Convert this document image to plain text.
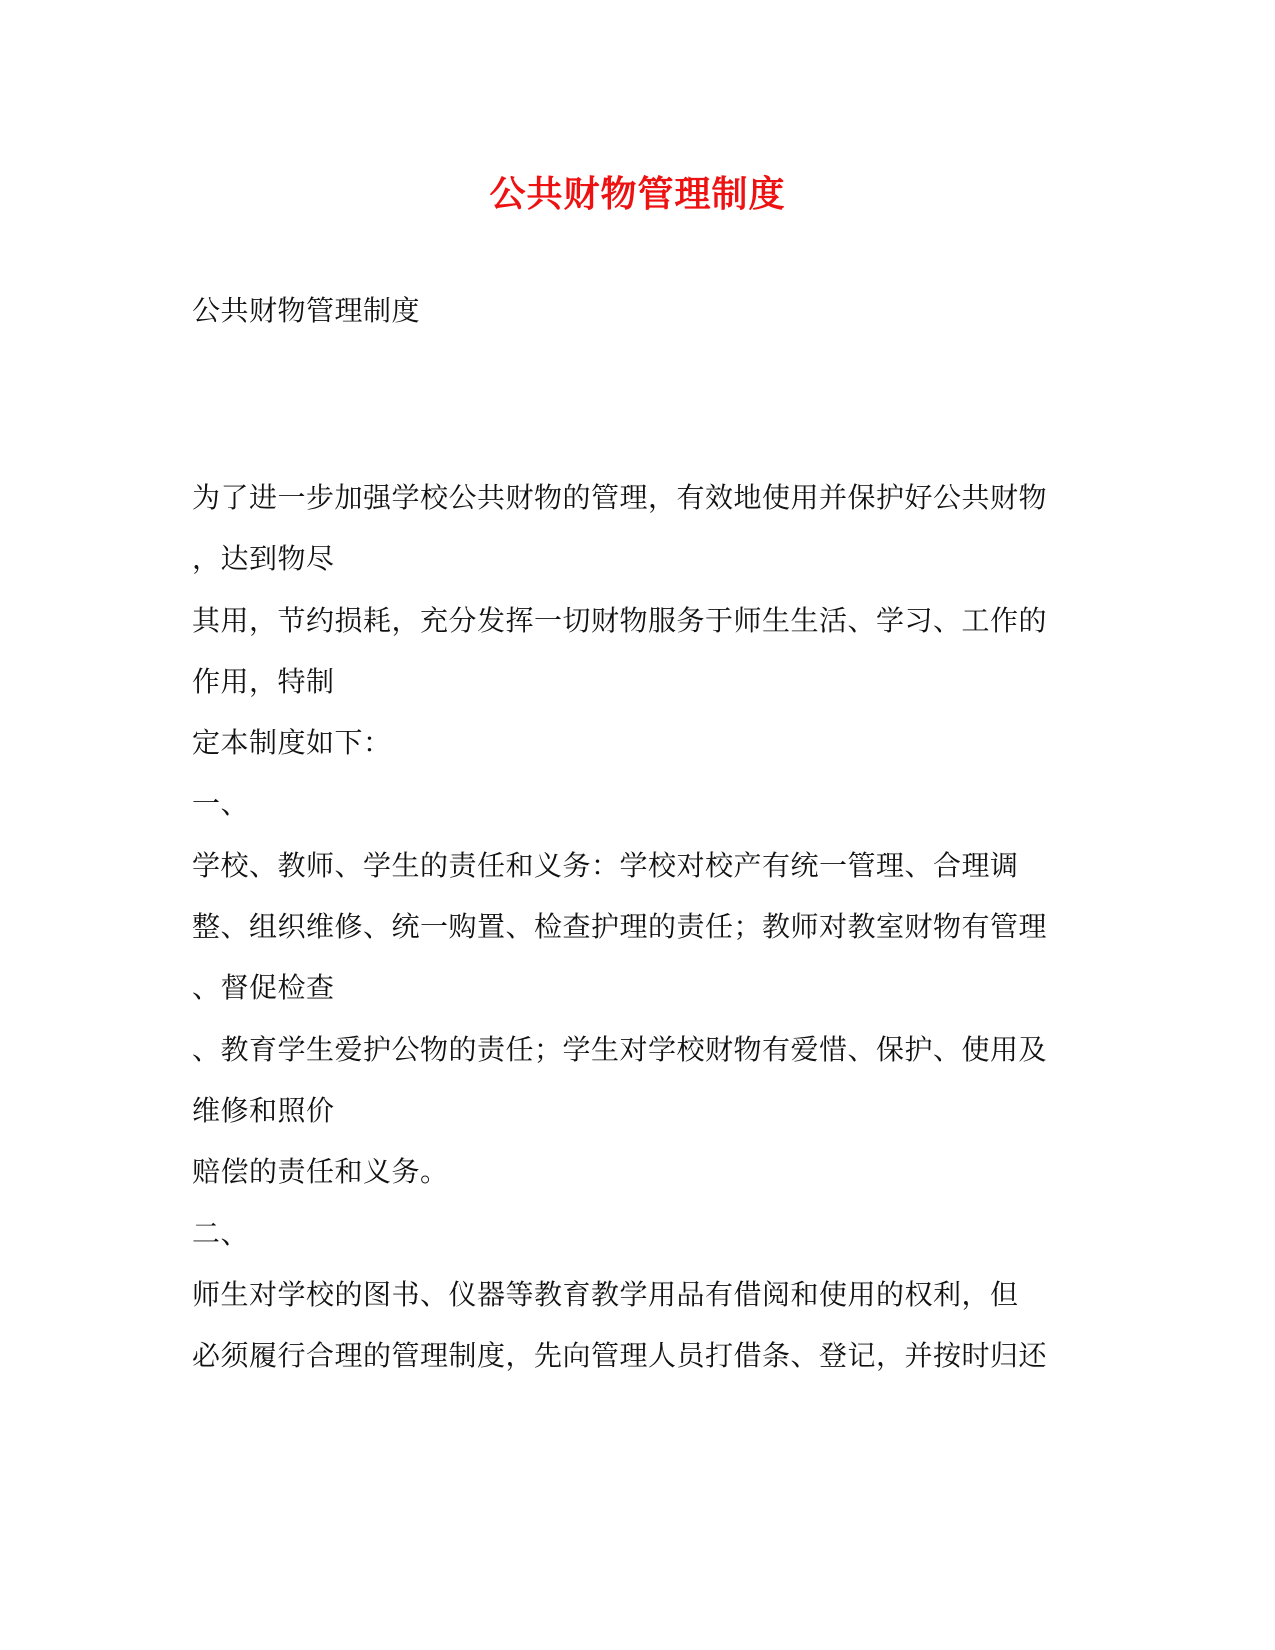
公共财物管理制度
公共财物管理制度
为了进一步加强学校公共财物的管理，有效地使用并保护好公共财物
，达到物尽
其用，节约损耗，充分发挥一切财物服务于师生生活、学习、工作的
作用，特制
定本制度如下：
一、
学校、教师、学生的责任和义务：学校对校产有统一管理、合理调
整、组织维修、统一购置、检查护理的责任；教师对教室财物有管理
、督促检查
、教育学生爱护公物的责任；学生对学校财物有爱惜、保护、使用及
维修和照价
赔偿的责任和义务。
二、
师生对学校的图书、仪器等教育教学用品有借阅和使用的权利，但
必须履行合理的管理制度，先向管理人员打借条、登记，并按时归还
